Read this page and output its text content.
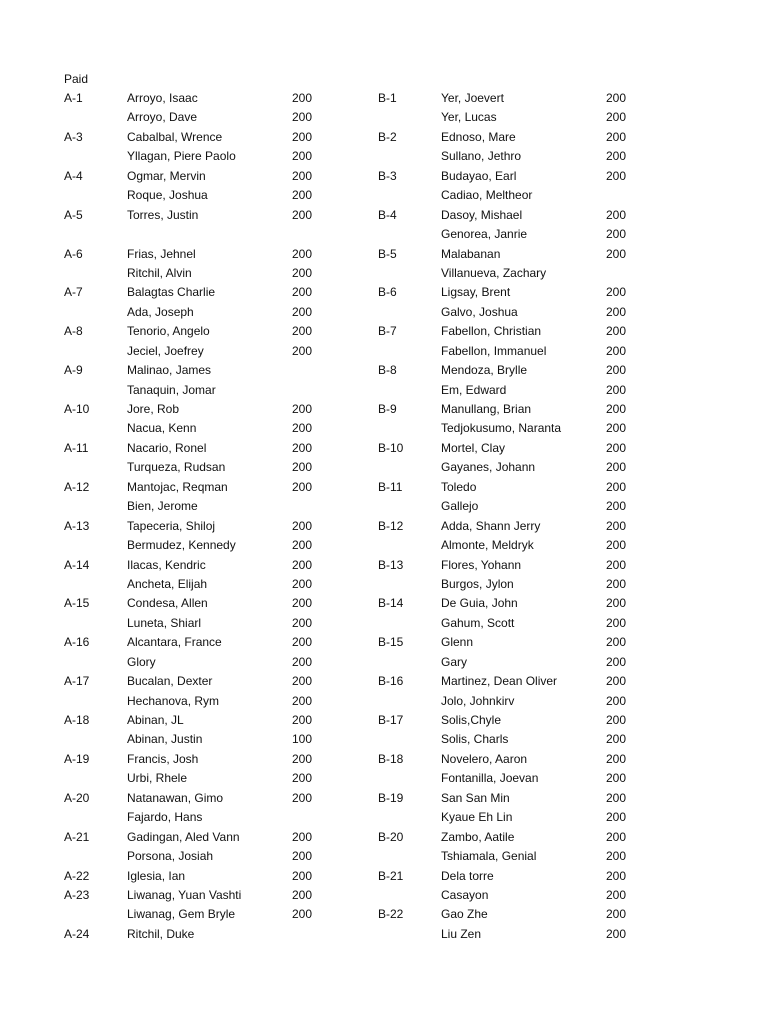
Paid
A-1	Arroyo, Isaac	200
Arroyo, Dave	200
A-3	Cabalbal, Wrence	200
Yllagan, Piere Paolo	200
A-4	Ogmar, Mervin	200
Roque, Joshua	200
A-5	Torres, Justin	200
A-6	Frias, Jehnel	200
Ritchil, Alvin	200
A-7	Balagtas Charlie	200
Ada, Joseph	200
A-8	Tenorio, Angelo	200
Jeciel, Joefrey	200
A-9	Malinao, James
Tanaquin, Jomar
A-10	Jore, Rob	200
Nacua, Kenn	200
A-11	Nacario, Ronel	200
Turqueza, Rudsan	200
A-12	Mantojac, Reqman	200
Bien, Jerome
A-13	Tapeceria, Shiloj	200
Bermudez, Kennedy	200
A-14	Ilacas, Kendric	200
Ancheta, Elijah	200
A-15	Condesa, Allen	200
Luneta, Shiarl	200
A-16	Alcantara, France	200
Glory	200
A-17	Bucalan, Dexter	200
Hechanova, Rym	200
A-18	Abinan, JL	200
Abinan, Justin	100
A-19	Francis, Josh	200
Urbi, Rhele	200
A-20	Natanawan, Gimo	200
Fajardo, Hans
A-21	Gadingan, Aled Vann	200
Porsona, Josiah	200
A-22	Iglesia, Ian	200
A-23	Liwanag, Yuan Vashti	200
Liwanag, Gem Bryle	200
A-24	Ritchil, Duke
B-1	Yer, Joevert	200
Yer, Lucas	200
B-2	Ednoso, Mare	200
Sullano, Jethro	200
B-3	Budayao, Earl	200
Cadiao, Meltheor
B-4	Dasoy, Mishael	200
Genorea, Janrie	200
B-5	Malabanan	200
Villanueva, Zachary
B-6	Ligsay, Brent	200
Galvo, Joshua	200
B-7	Fabellon, Christian	200
Fabellon, Immanuel	200
B-8	Mendoza, Brylle	200
Em, Edward	200
B-9	Manullang, Brian	200
Tedjokusumo, Naranta	200
B-10	Mortel, Clay	200
Gayanes, Johann	200
B-11	Toledo	200
Gallejo	200
B-12	Adda, Shann Jerry	200
Almonte, Meldryk	200
B-13	Flores, Yohann	200
Burgos, Jylon	200
B-14	De Guia, John	200
Gahum, Scott	200
B-15	Glenn	200
Gary	200
B-16	Martinez, Dean Oliver	200
Jolo, Johnkirv	200
B-17	Solis,Chyle	200
Solis, Charls	200
B-18	Novelero, Aaron	200
Fontanilla, Joevan	200
B-19	San San Min	200
Kyaue Eh Lin	200
B-20	Zambo, Aatile	200
Tshiamala, Genial	200
B-21	Dela torre	200
Casayon	200
B-22	Gao Zhe	200
Liu Zen	200
